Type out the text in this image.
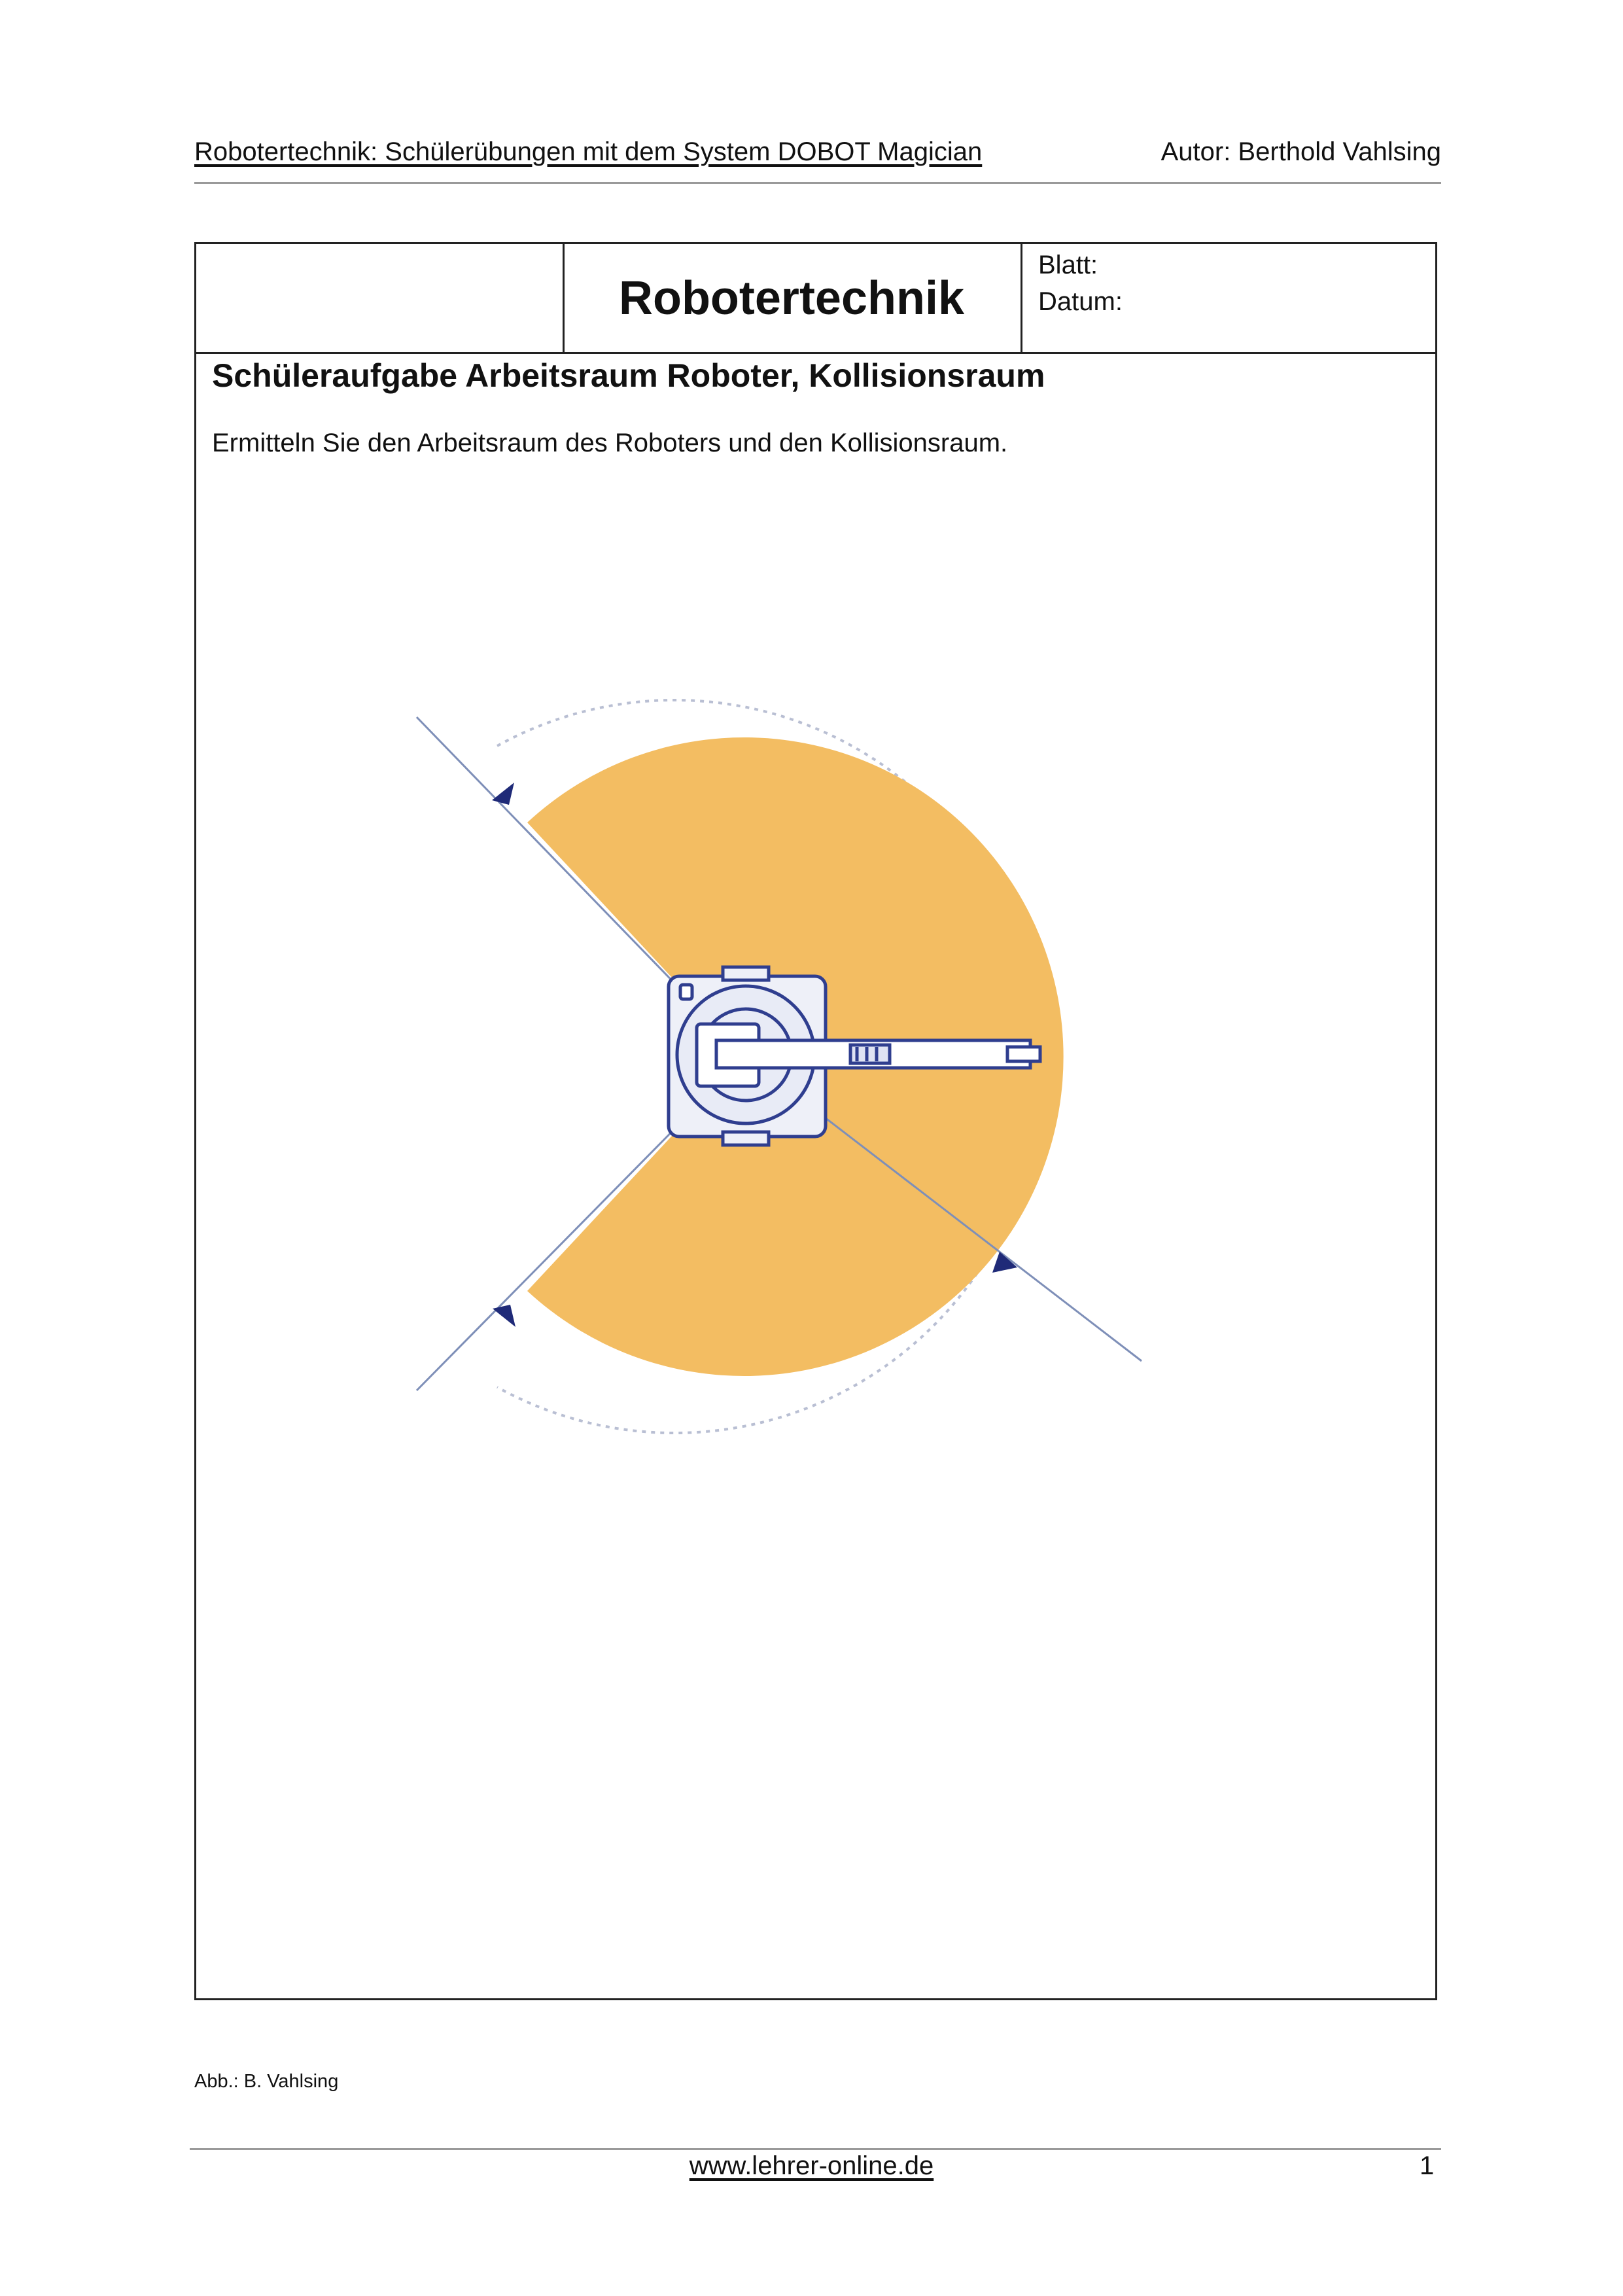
Robotertechnik: Schülerübungen mit dem System DOBOT Magician	Autor: Berthold Vahlsing
Robotertechnik
Blatt:
Datum:
Schüleraufgabe Arbeitsraum Roboter, Kollisionsraum
Ermitteln Sie den Arbeitsraum des Roboters und den Kollisionsraum.
Abb.: B. Vahlsing
www.lehrer-online.de	1
